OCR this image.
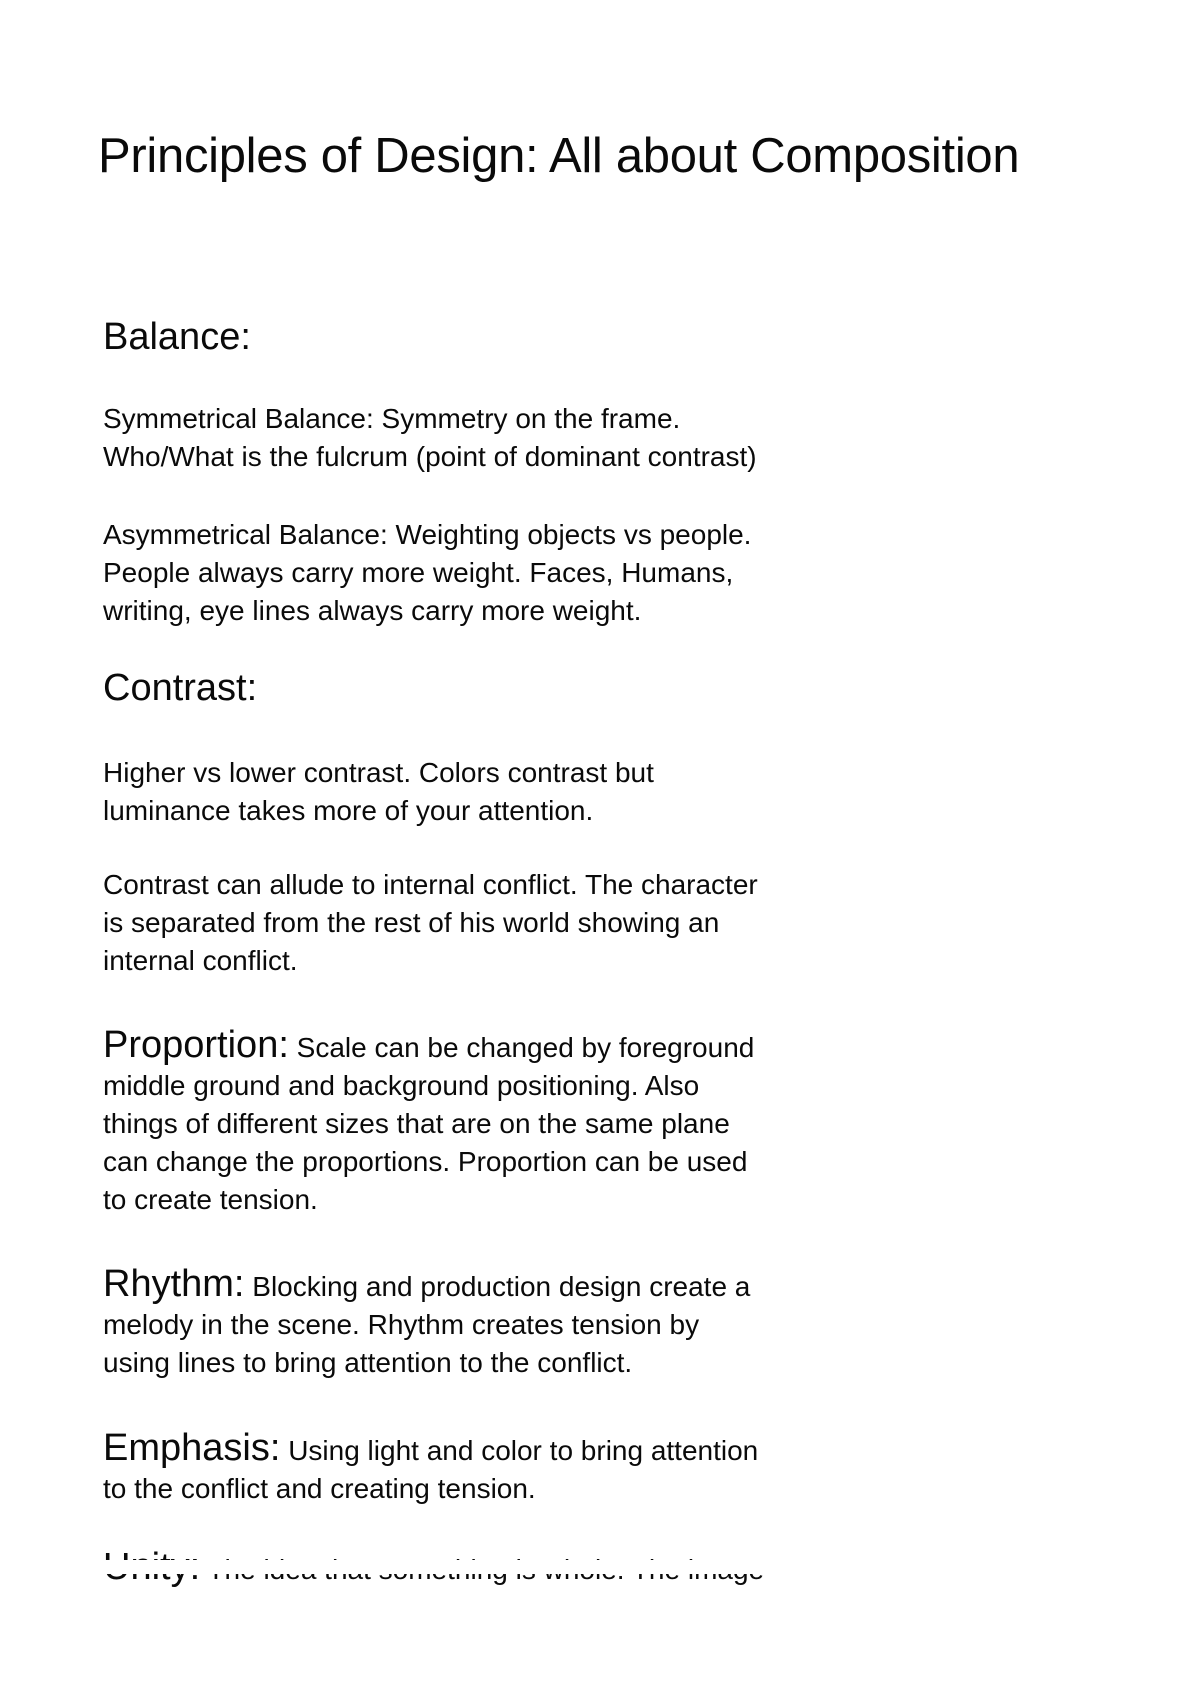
Principles of Design: All about Composition
Balance:

Symmetrical Balance: Symmetry on the frame.
Who/What is the fulcrum (point of dominant contrast)

Asymmetrical Balance: Weighting objects vs people.
People always carry more weight. Faces, Humans,
writing, eye lines always carry more weight.

Contrast:

Higher vs lower contrast. Colors contrast but
luminance takes more of your attention.

Contrast can allude to internal conflict. The character
is separated from the rest of his world showing an
internal conflict.

Proportion: Scale can be changed by foreground
middle ground and background positioning. Also
things of different sizes that are on the same plane
can change the proportions. Proportion can be used
to create tension.

Rhythm: Blocking and production design create a
melody in the scene. Rhythm creates tension by
using lines to bring attention to the conflict.

Emphasis: Using light and color to bring attention
to the conflict and creating tension.
